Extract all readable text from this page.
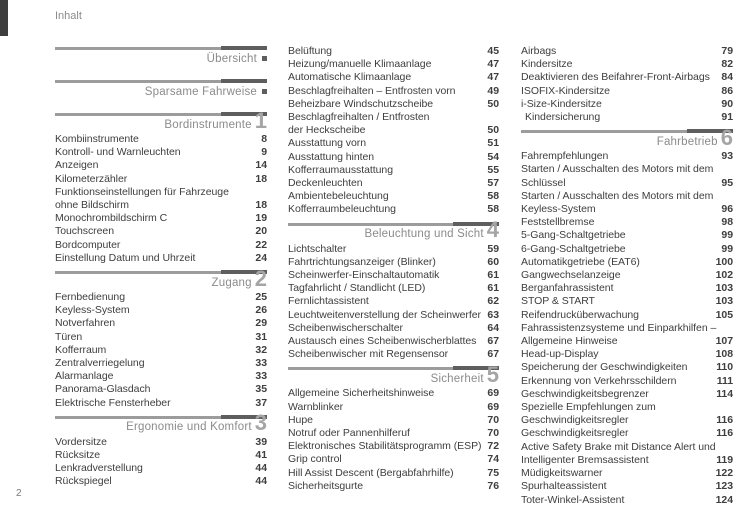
Inhalt
Übersicht
Sparsame Fahrweise
Bordinstrumente 1
Kombiinstrumente	8
Kontroll- und Warnleuchten	9
Anzeigen	14
Kilometerzähler	18
Funktionseinstellungen für Fahrzeuge
ohne Bildschirm	18
Monochrombildschirm C	19
Touchscreen	20
Bordcomputer	22
Einstellung Datum und Uhrzeit	24
Zugang 2
Fernbedienung	25
Keyless-System	26
Notverfahren	29
Türen	31
Kofferraum	32
Zentralverriegelung	33
Alarmanlage	33
Panorama-Glasdach	35
Elektrische Fensterheber	37
Ergonomie und Komfort 3
Vordersitze	39
Rücksitze	41
Lenkradverstellung	44
Rückspiegel	44
Belüftung	45
Heizung/manuelle Klimaanlage	47
Automatische Klimaanlage	47
Beschlagfreihalten – Entfrosten vorn	49
Beheizbare Windschutzscheibe	50
Beschlagfreihalten / Entfrosten
der Heckscheibe	50
Ausstattung vorn	51
Ausstattung hinten	54
Kofferraumausstattung	55
Deckenleuchten	57
Ambientebeleuchtung	58
Kofferraumbeleuchtung	58
Beleuchtung und Sicht 4
Lichtschalter	59
Fahrtrichtungsanzeiger (Blinker)	60
Scheinwerfer-Einschaltautomatik	61
Tagfahrlicht / Standlicht (LED)	61
Fernlichtassistent	62
Leuchtweitenverstellung der Scheinwerfer 63
Scheibenwischerschalter	64
Austausch eines Scheibenwischerblattes	67
Scheibenwischer mit Regensensor	67
Sicherheit 5
Allgemeine Sicherheitshinweise	69
Warnblinker	69
Hupe	70
Notruf oder Pannenhilferuf	70
Elektronisches Stabilitätsprogramm (ESP) 72
Grip control	74
Hill Assist Descent (Bergabfahrhilfe)	75
Sicherheitsgurte	76
Airbags	79
Kindersitze	82
Deaktivieren des Beifahrer-Front-Airbags	84
ISOFIX-Kindersitze	86
i-Size-Kindersitze	90
Kindersicherung	91
Fahrbetrieb 6
Fahrempfehlungen	93
Starten / Ausschalten des Motors mit dem
Schlüssel	95
Starten / Ausschalten des Motors mit dem
Keyless-System	96
Feststellbremse	98
5-Gang-Schaltgetriebe	99
6-Gang-Schaltgetriebe	99
Automatikgetriebe (EAT6)	100
Gangwechselanzeige	102
Berganfahrassistent	103
STOP & START	103
Reifendrucküberwachung	105
Fahrassistenzsysteme und Einparkhilfen –
Allgemeine Hinweise	107
Head-up-Display	108
Speicherung der Geschwindigkeiten	110
Erkennung von Verkehrsschildern	111
Geschwindigkeitsbegrenzer	114
Spezielle Empfehlungen zum
Geschwindigkeitsregler	116
Geschwindigkeitsregler	116
Active Safety Brake mit Distance Alert und
Intelligenter Bremsassistent	119
Müdigkeitswarner	122
Spurhalteassistent	123
Toter-Winkel-Assistent	124
2
